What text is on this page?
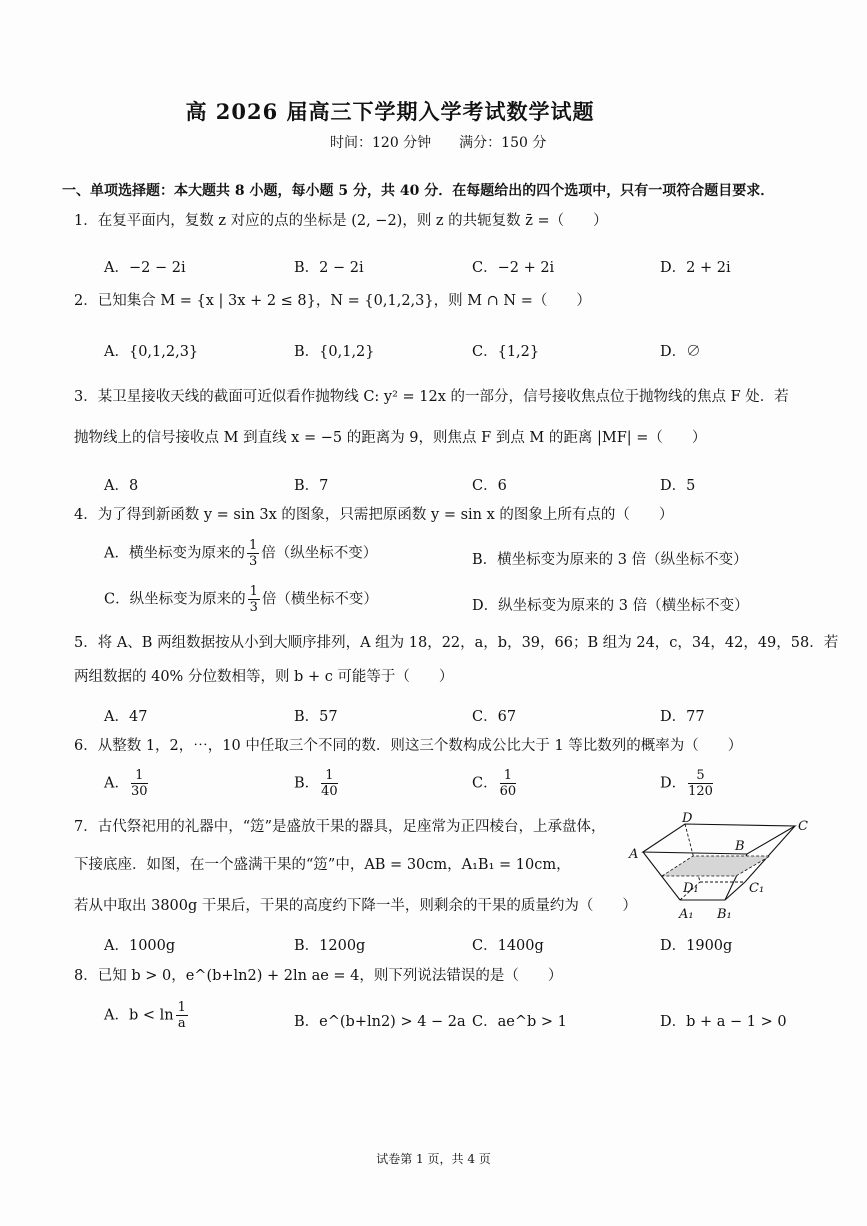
高 2026 届高三下学期入学考试数学试题
时间：120 分钟　　满分：150 分
一、单项选择题：本大题共 8 小题，每小题 5 分，共 40 分．在每题给出的四个选项中，只有一项符合题目要求．
1．在复平面内，复数 z 对应的点的坐标是 (2, −2)，则 z 的共轭复数 z̄ =（　　）
A．−2 − 2i	B．2 − 2i	C．−2 + 2i	D．2 + 2i
2．已知集合 M = {x | 3x + 2 ≤ 8}，N = {0,1,2,3}，则 M ∩ N =（　　）
A．{0,1,2,3}	B．{0,1,2}	C．{1,2}	D．∅
3．某卫星接收天线的截面可近似看作抛物线 C: y² = 12x 的一部分，信号接收焦点位于抛物线的焦点 F 处．若
抛物线上的信号接收点 M 到直线 x = −5 的距离为 9，则焦点 F 到点 M 的距离 |MF| =（　　）
A．8	B．7	C．6	D．5
4．为了得到新函数 y = sin 3x 的图象，只需把原函数 y = sin x 的图象上所有点的（　　）
A．横坐标变为原来的 $\frac{1}{3}$ 倍（纵坐标不变）	B．横坐标变为原来的 3 倍（纵坐标不变）
C．纵坐标变为原来的 $\frac{1}{3}$ 倍（横坐标不变）	D．纵坐标变为原来的 3 倍（横坐标不变）
5．将 A、B 两组数据按从小到大顺序排列，A 组为 18，22，a，b，39，66；B 组为 24，c，34，42，49，58．若
两组数据的 40% 分位数相等，则 b + c 可能等于（　　）
A．47	B．57	C．67	D．77
6．从整数 1，2，⋯，10 中任取三个不同的数．则这三个数构成公比大于 1 等比数列的概率为（　　）
A． $\frac{1}{30}$	B． $\frac{1}{40}$	C． $\frac{1}{60}$	D． $\frac{5}{120}$
7．古代祭祀用的礼器中，“笾”是盛放干果的器具，足座常为正四棱台，上承盘体，
下接底座．如图，在一个盛满干果的“笾”中，AB = 30cm，A₁B₁ = 10cm，
若从中取出 3800g 干果后，干果的高度约下降一半，则剩余的干果的质量约为（　　）
A．1000g	B．1200g	C．1400g	D．1900g
D
C
A
B
D₁	C₁
A₁ B₁
8．已知 b > 0，e^(b+ln2) + 2ln ae = 4，则下列说法错误的是（　　）
A．$b < \ln \frac{1}{a}$	B．e^(b+ln2) > 4 − 2a C．ae^b > 1	D．b + a − 1 > 0
试卷第 1 页，共 4 页
